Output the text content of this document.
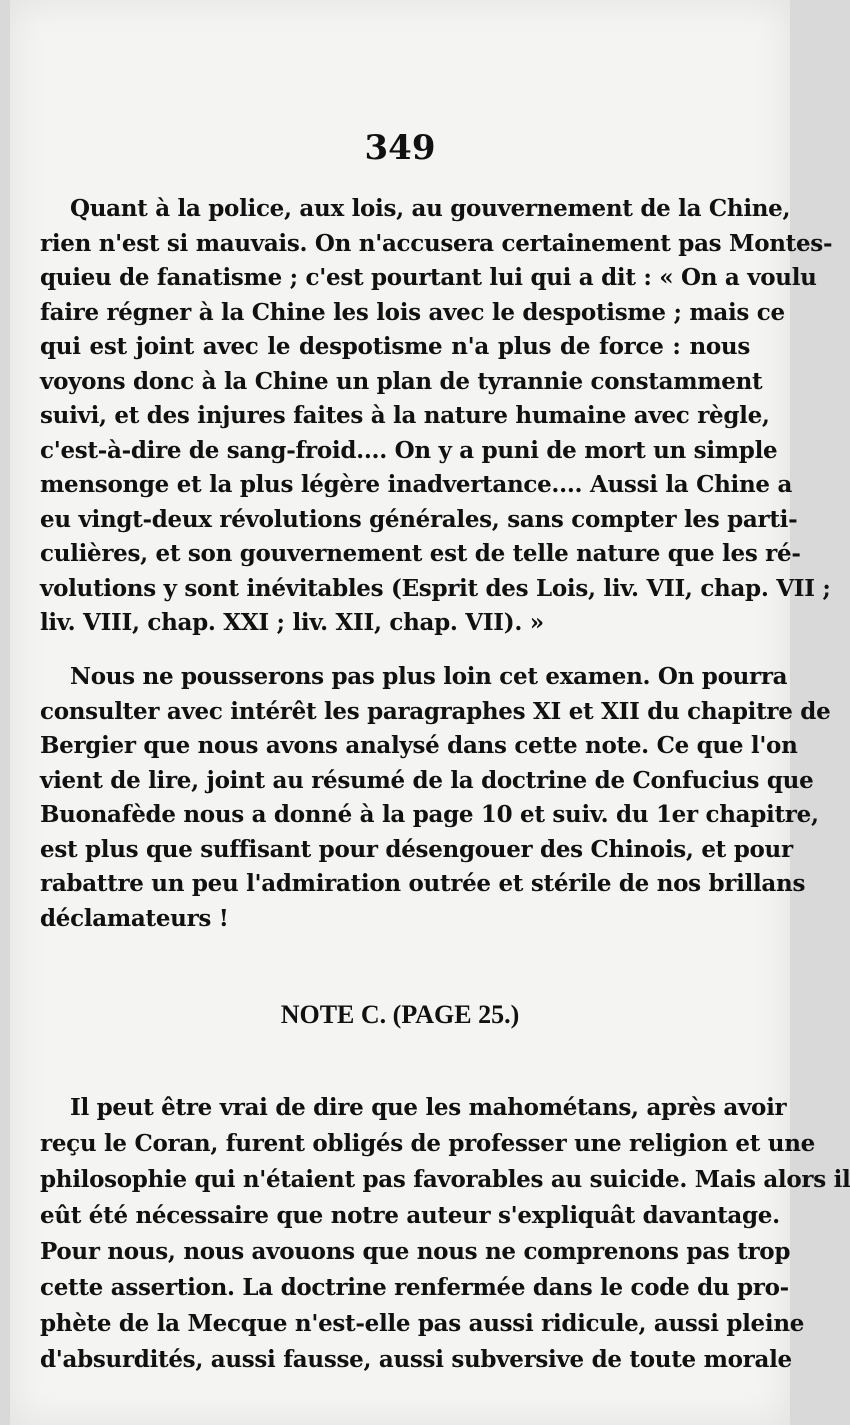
349
Quant à la police, aux lois, au gouvernement de la Chine,
rien n'est si mauvais. On n'accusera certainement pas Montes-
quieu de fanatisme ; c'est pourtant lui qui a dit : « On a voulu
faire régner à la Chine les lois avec le despotisme ; mais ce
qui est joint avec le despotisme n'a plus de force : nous
voyons donc à la Chine un plan de tyrannie constamment
suivi, et des injures faites à la nature humaine avec règle,
c'est-à-dire de sang-froid.... On y a puni de mort un simple
mensonge et la plus légère inadvertance.... Aussi la Chine a
eu vingt-deux révolutions générales, sans compter les parti-
culières, et son gouvernement est de telle nature que les ré-
volutions y sont inévitables (Esprit des Lois, liv. VII, chap. VII ;
liv. VIII, chap. XXI ; liv. XII, chap. VII). »
Nous ne pousserons pas plus loin cet examen. On pourra
consulter avec intérêt les paragraphes XI et XII du chapitre de
Bergier que nous avons analysé dans cette note. Ce que l'on
vient de lire, joint au résumé de la doctrine de Confucius que
Buonafède nous a donné à la page 10 et suiv. du 1er chapitre,
est plus que suffisant pour désengouer des Chinois, et pour
rabattre un peu l'admiration outrée et stérile de nos brillans
déclamateurs !
NOTE C. (PAGE 25.)
Il peut être vrai de dire que les mahométans, après avoir
reçu le Coran, furent obligés de professer une religion et une
philosophie qui n'étaient pas favorables au suicide. Mais alors il
eût été nécessaire que notre auteur s'expliquât davantage.
Pour nous, nous avouons que nous ne comprenons pas trop
cette assertion. La doctrine renfermée dans le code du pro-
phète de la Mecque n'est-elle pas aussi ridicule, aussi pleine
d'absurdités, aussi fausse, aussi subversive de toute morale
